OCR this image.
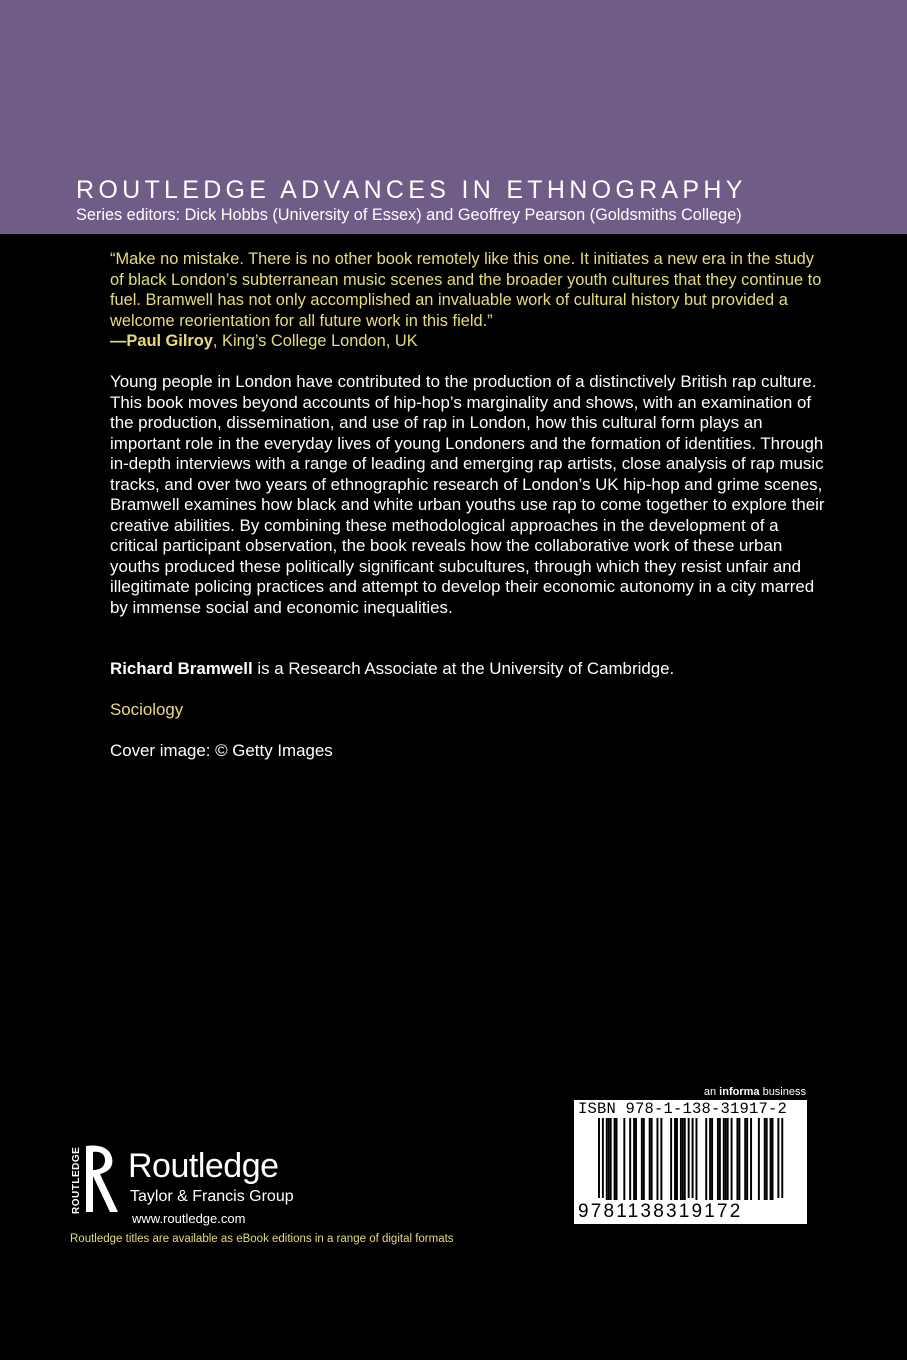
ROUTLEDGE ADVANCES IN ETHNOGRAPHY
Series editors: Dick Hobbs (University of Essex) and Geoffrey Pearson (Goldsmiths College)
“Make no mistake. There is no other book remotely like this one. It initiates a new era in the study of black London’s subterranean music scenes and the broader youth cultures that they continue to fuel. Bramwell has not only accomplished an invaluable work of cultural history but provided a welcome reorientation for all future work in this field.”
—Paul Gilroy, King’s College London, UK
Young people in London have contributed to the production of a distinctively British rap culture. This book moves beyond accounts of hip-hop’s marginality and shows, with an examination of the production, dissemination, and use of rap in London, how this cultural form plays an important role in the everyday lives of young Londoners and the formation of identities. Through in-depth interviews with a range of leading and emerging rap artists, close analysis of rap music tracks, and over two years of ethnographic research of London’s UK hip-hop and grime scenes, Bramwell examines how black and white urban youths use rap to come together to explore their creative abilities. By combining these methodological approaches in the development of a critical participant observation, the book reveals how the collaborative work of these urban youths produced these politically significant subcultures, through which they resist unfair and illegitimate policing practices and attempt to develop their economic autonomy in a city marred by immense social and economic inequalities.
Richard Bramwell is a Research Associate at the University of Cambridge.
Sociology
Cover image: © Getty Images
ROUTLEDGE Routledge
Taylor & Francis Group
www.routledge.com
Routledge titles are available as eBook editions in a range of digital formats
an informa business
ISBN 978-1-138-31917-2
9781138319172
